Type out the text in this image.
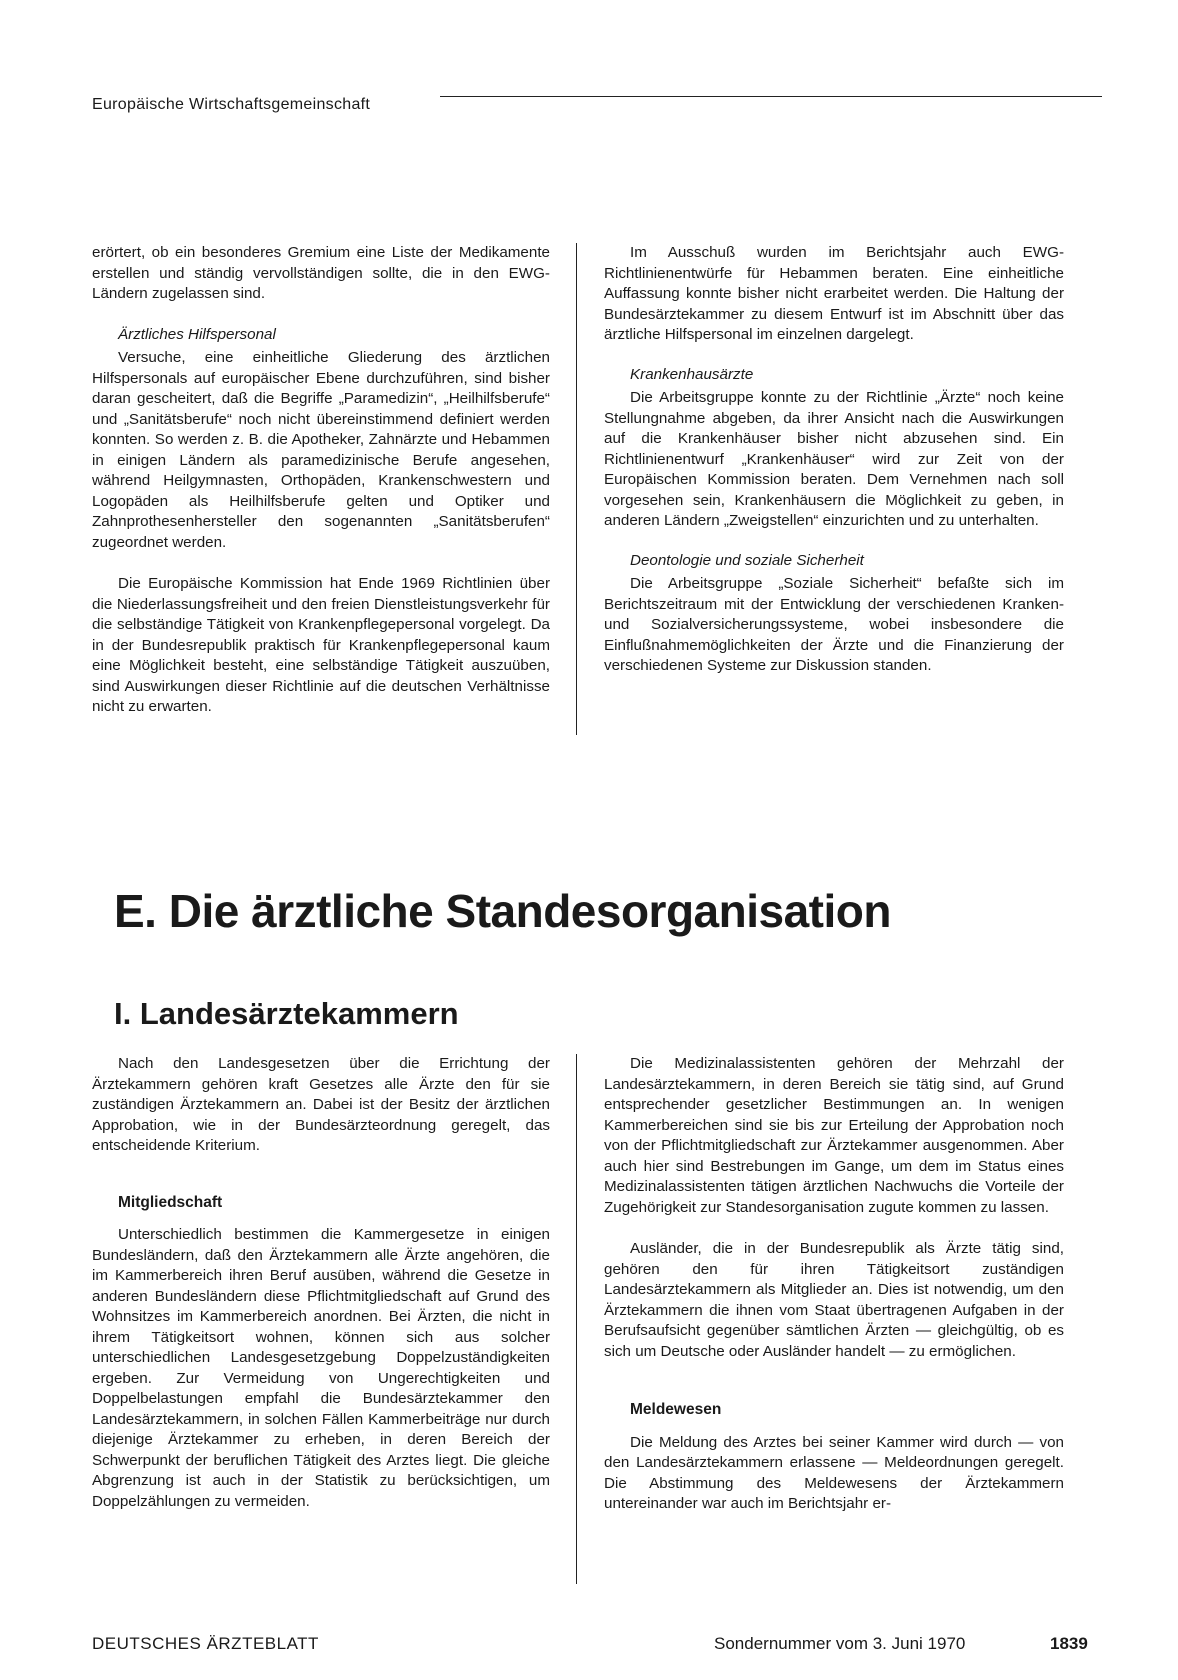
Europäische Wirtschaftsgemeinschaft

erörtert, ob ein besonderes Gremium eine Liste der Medikamente erstellen und ständig vervollständigen sollte, die in den EWG-Ländern zugelassen sind.

Ärztliches Hilfspersonal

Versuche, eine einheitliche Gliederung des ärztlichen Hilfspersonals auf europäischer Ebene durchzuführen, sind bisher daran gescheitert, daß die Begriffe „Paramedizin“, „Heilhilfsberufe“ und „Sanitätsberufe“ noch nicht übereinstimmend definiert werden konnten. So werden z. B. die Apotheker, Zahnärzte und Hebammen in einigen Ländern als paramedizinische Berufe angesehen, während Heilgymnasten, Orthopäden, Krankenschwestern und Logopäden als Heilhilfsberufe gelten und Optiker und Zahnprothesenhersteller den sogenannten „Sanitätsberufen“ zugeordnet werden.

Die Europäische Kommission hat Ende 1969 Richtlinien über die Niederlassungsfreiheit und den freien Dienstleistungsverkehr für die selbständige Tätigkeit von Krankenpflegepersonal vorgelegt. Da in der Bundesrepublik praktisch für Krankenpflegepersonal kaum eine Möglichkeit besteht, eine selbständige Tätigkeit auszuüben, sind Auswirkungen dieser Richtlinie auf die deutschen Verhältnisse nicht zu erwarten.

Im Ausschuß wurden im Berichtsjahr auch EWG-Richtlinienentwürfe für Hebammen beraten. Eine einheitliche Auffassung konnte bisher nicht erarbeitet werden. Die Haltung der Bundesärztekammer zu diesem Entwurf ist im Abschnitt über das ärztliche Hilfspersonal im einzelnen dargelegt.

Krankenhausärzte

Die Arbeitsgruppe konnte zu der Richtlinie „Ärzte“ noch keine Stellungnahme abgeben, da ihrer Ansicht nach die Auswirkungen auf die Krankenhäuser bisher nicht abzusehen sind. Ein Richtlinienentwurf „Krankenhäuser“ wird zur Zeit von der Europäischen Kommission beraten. Dem Vernehmen nach soll vorgesehen sein, Krankenhäusern die Möglichkeit zu geben, in anderen Ländern „Zweigstellen“ einzurichten und zu unterhalten.

Deontologie und soziale Sicherheit

Die Arbeitsgruppe „Soziale Sicherheit“ befaßte sich im Berichtszeitraum mit der Entwicklung der verschiedenen Kranken- und Sozialversicherungssysteme, wobei insbesondere die Einflußnahmemöglichkeiten der Ärzte und die Finanzierung der verschiedenen Systeme zur Diskussion standen.

E. Die ärztliche Standesorganisation
I. Landesärztekammern

Nach den Landesgesetzen über die Errichtung der Ärztekammern gehören kraft Gesetzes alle Ärzte den für sie zuständigen Ärztekammern an. Dabei ist der Besitz der ärztlichen Approbation, wie in der Bundesärzteordnung geregelt, das entscheidende Kriterium.

Mitgliedschaft

Unterschiedlich bestimmen die Kammergesetze in einigen Bundesländern, daß den Ärztekammern alle Ärzte angehören, die im Kammerbereich ihren Beruf ausüben, während die Gesetze in anderen Bundesländern diese Pflichtmitgliedschaft auf Grund des Wohnsitzes im Kammerbereich anordnen. Bei Ärzten, die nicht in ihrem Tätigkeitsort wohnen, können sich aus solcher unterschiedlichen Landesgesetzgebung Doppelzuständigkeiten ergeben. Zur Vermeidung von Ungerechtigkeiten und Doppelbelastungen empfahl die Bundesärztekammer den Landesärztekammern, in solchen Fällen Kammerbeiträge nur durch diejenige Ärztekammer zu erheben, in deren Bereich der Schwerpunkt der beruflichen Tätigkeit des Arztes liegt. Die gleiche Abgrenzung ist auch in der Statistik zu berücksichtigen, um Doppelzählungen zu vermeiden.

Die Medizinalassistenten gehören der Mehrzahl der Landesärztekammern, in deren Bereich sie tätig sind, auf Grund entsprechender gesetzlicher Bestimmungen an. In wenigen Kammerbereichen sind sie bis zur Erteilung der Approbation noch von der Pflichtmitgliedschaft zur Ärztekammer ausgenommen. Aber auch hier sind Bestrebungen im Gange, um dem im Status eines Medizinalassistenten tätigen ärztlichen Nachwuchs die Vorteile der Zugehörigkeit zur Standesorganisation zugute kommen zu lassen.

Ausländer, die in der Bundesrepublik als Ärzte tätig sind, gehören den für ihren Tätigkeitsort zuständigen Landesärztekammern als Mitglieder an. Dies ist notwendig, um den Ärztekammern die ihnen vom Staat übertragenen Aufgaben in der Berufsaufsicht gegenüber sämtlichen Ärzten — gleichgültig, ob es sich um Deutsche oder Ausländer handelt — zu ermöglichen.

Meldewesen

Die Meldung des Arztes bei seiner Kammer wird durch — von den Landesärztekammern erlassene — Meldeordnungen geregelt. Die Abstimmung des Meldewesens der Ärztekammern untereinander war auch im Berichtsjahr er-

DEUTSCHES ÄRZTEBLATT	Sondernummer vom 3. Juni 1970	1839
